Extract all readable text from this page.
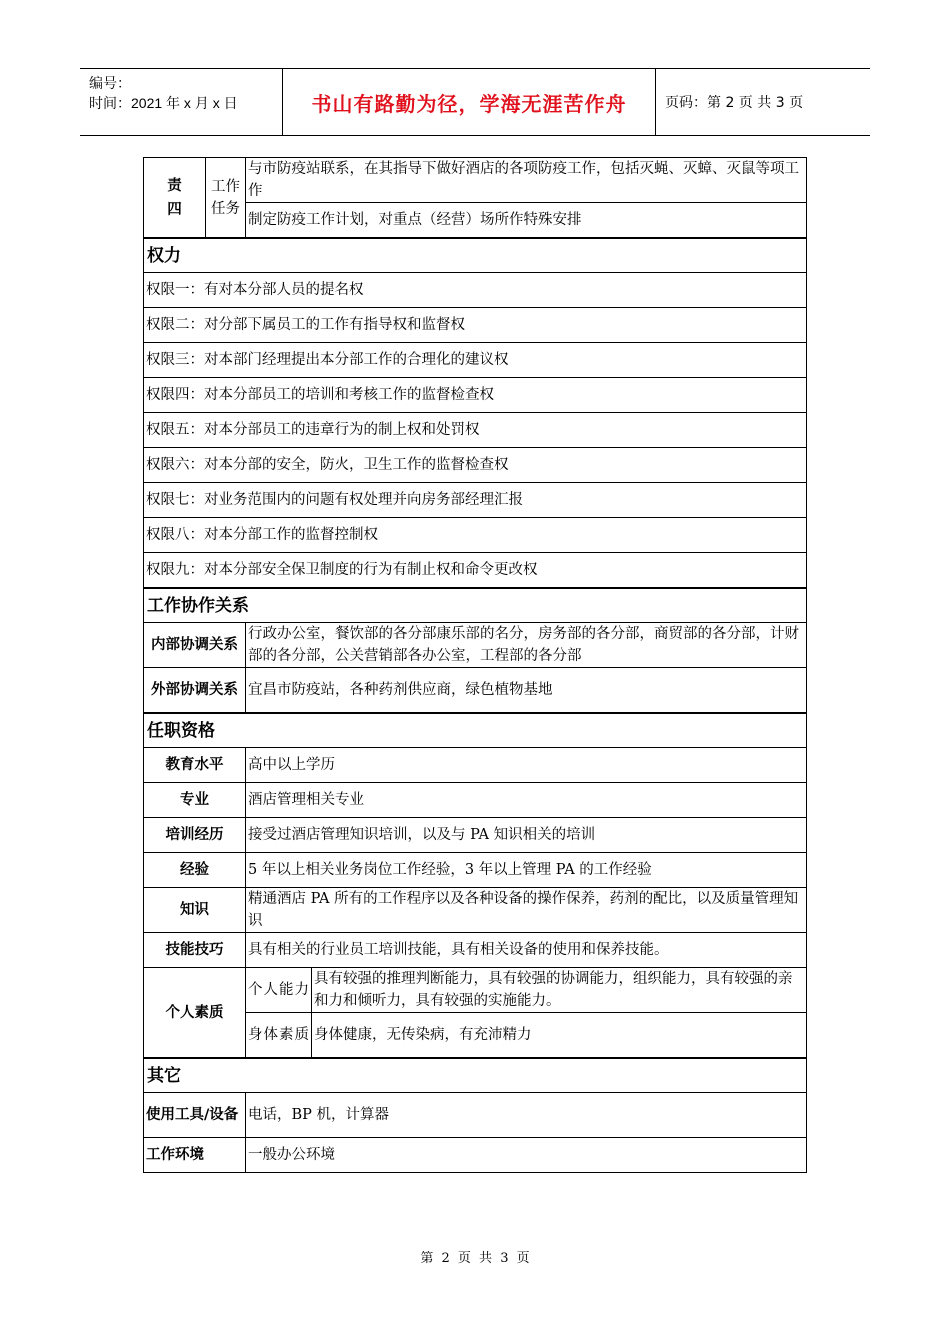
编号：
时间：2021 年 x 月 x 日	书山有路勤为径，学海无涯苦作舟	页码：第 2 页 共 3 页
责
四	工作任务	与市防疫站联系，在其指导下做好酒店的各项防疫工作，包括灭蝇、灭蟑、灭鼠等项工作	
		制定防疫工作计划，对重点（经营）场所作特殊安排	
权力			
权限一：有对本分部人员的提名权			
权限二：对分部下属员工的工作有指导权和监督权			
权限三：对本部门经理提出本分部工作的合理化的建议权			
权限四：对本分部员工的培训和考核工作的监督检查权			
权限五：对本分部员工的违章行为的制上权和处罚权			
权限六：对本分部的安全，防火，卫生工作的监督检查权			
权限七：对业务范围内的问题有权处理并向房务部经理汇报			
权限八：对本分部工作的监督控制权			
权限九：对本分部安全保卫制度的行为有制止权和命令更改权			
工作协作关系			
内部协调关系		行政办公室，餐饮部的各分部康乐部的名分，房务部的各分部，商贸部的各分部，计财部的各分部，公关营销部各办公室，工程部的各分部	
外部协调关系		宜昌市防疫站，各种药剂供应商，绿色植物基地	
任职资格			
教育水平		高中以上学历	
专业		酒店管理相关专业	
培训经历		接受过酒店管理知识培训，以及与 PA 知识相关的培训	
经验		5 年以上相关业务岗位工作经验，3 年以上管理 PA 的工作经验	
知识		精通酒店 PA 所有的工作程序以及各种设备的操作保养，药剂的配比，以及质量管理知识	
技能技巧		具有相关的行业员工培训技能，具有相关设备的使用和保养技能。	
个人素质		个人能力	具有较强的推理判断能力，具有较强的协调能力，组织能力，具有较强的亲和力和倾听力，具有较强的实施能力。
		身体素质	身体健康，无传染病，有充沛精力
其它			
使用工具/设备		电话，BP 机，计算器	
工作环境		一般办公环境	
第 2 页 共 3 页
